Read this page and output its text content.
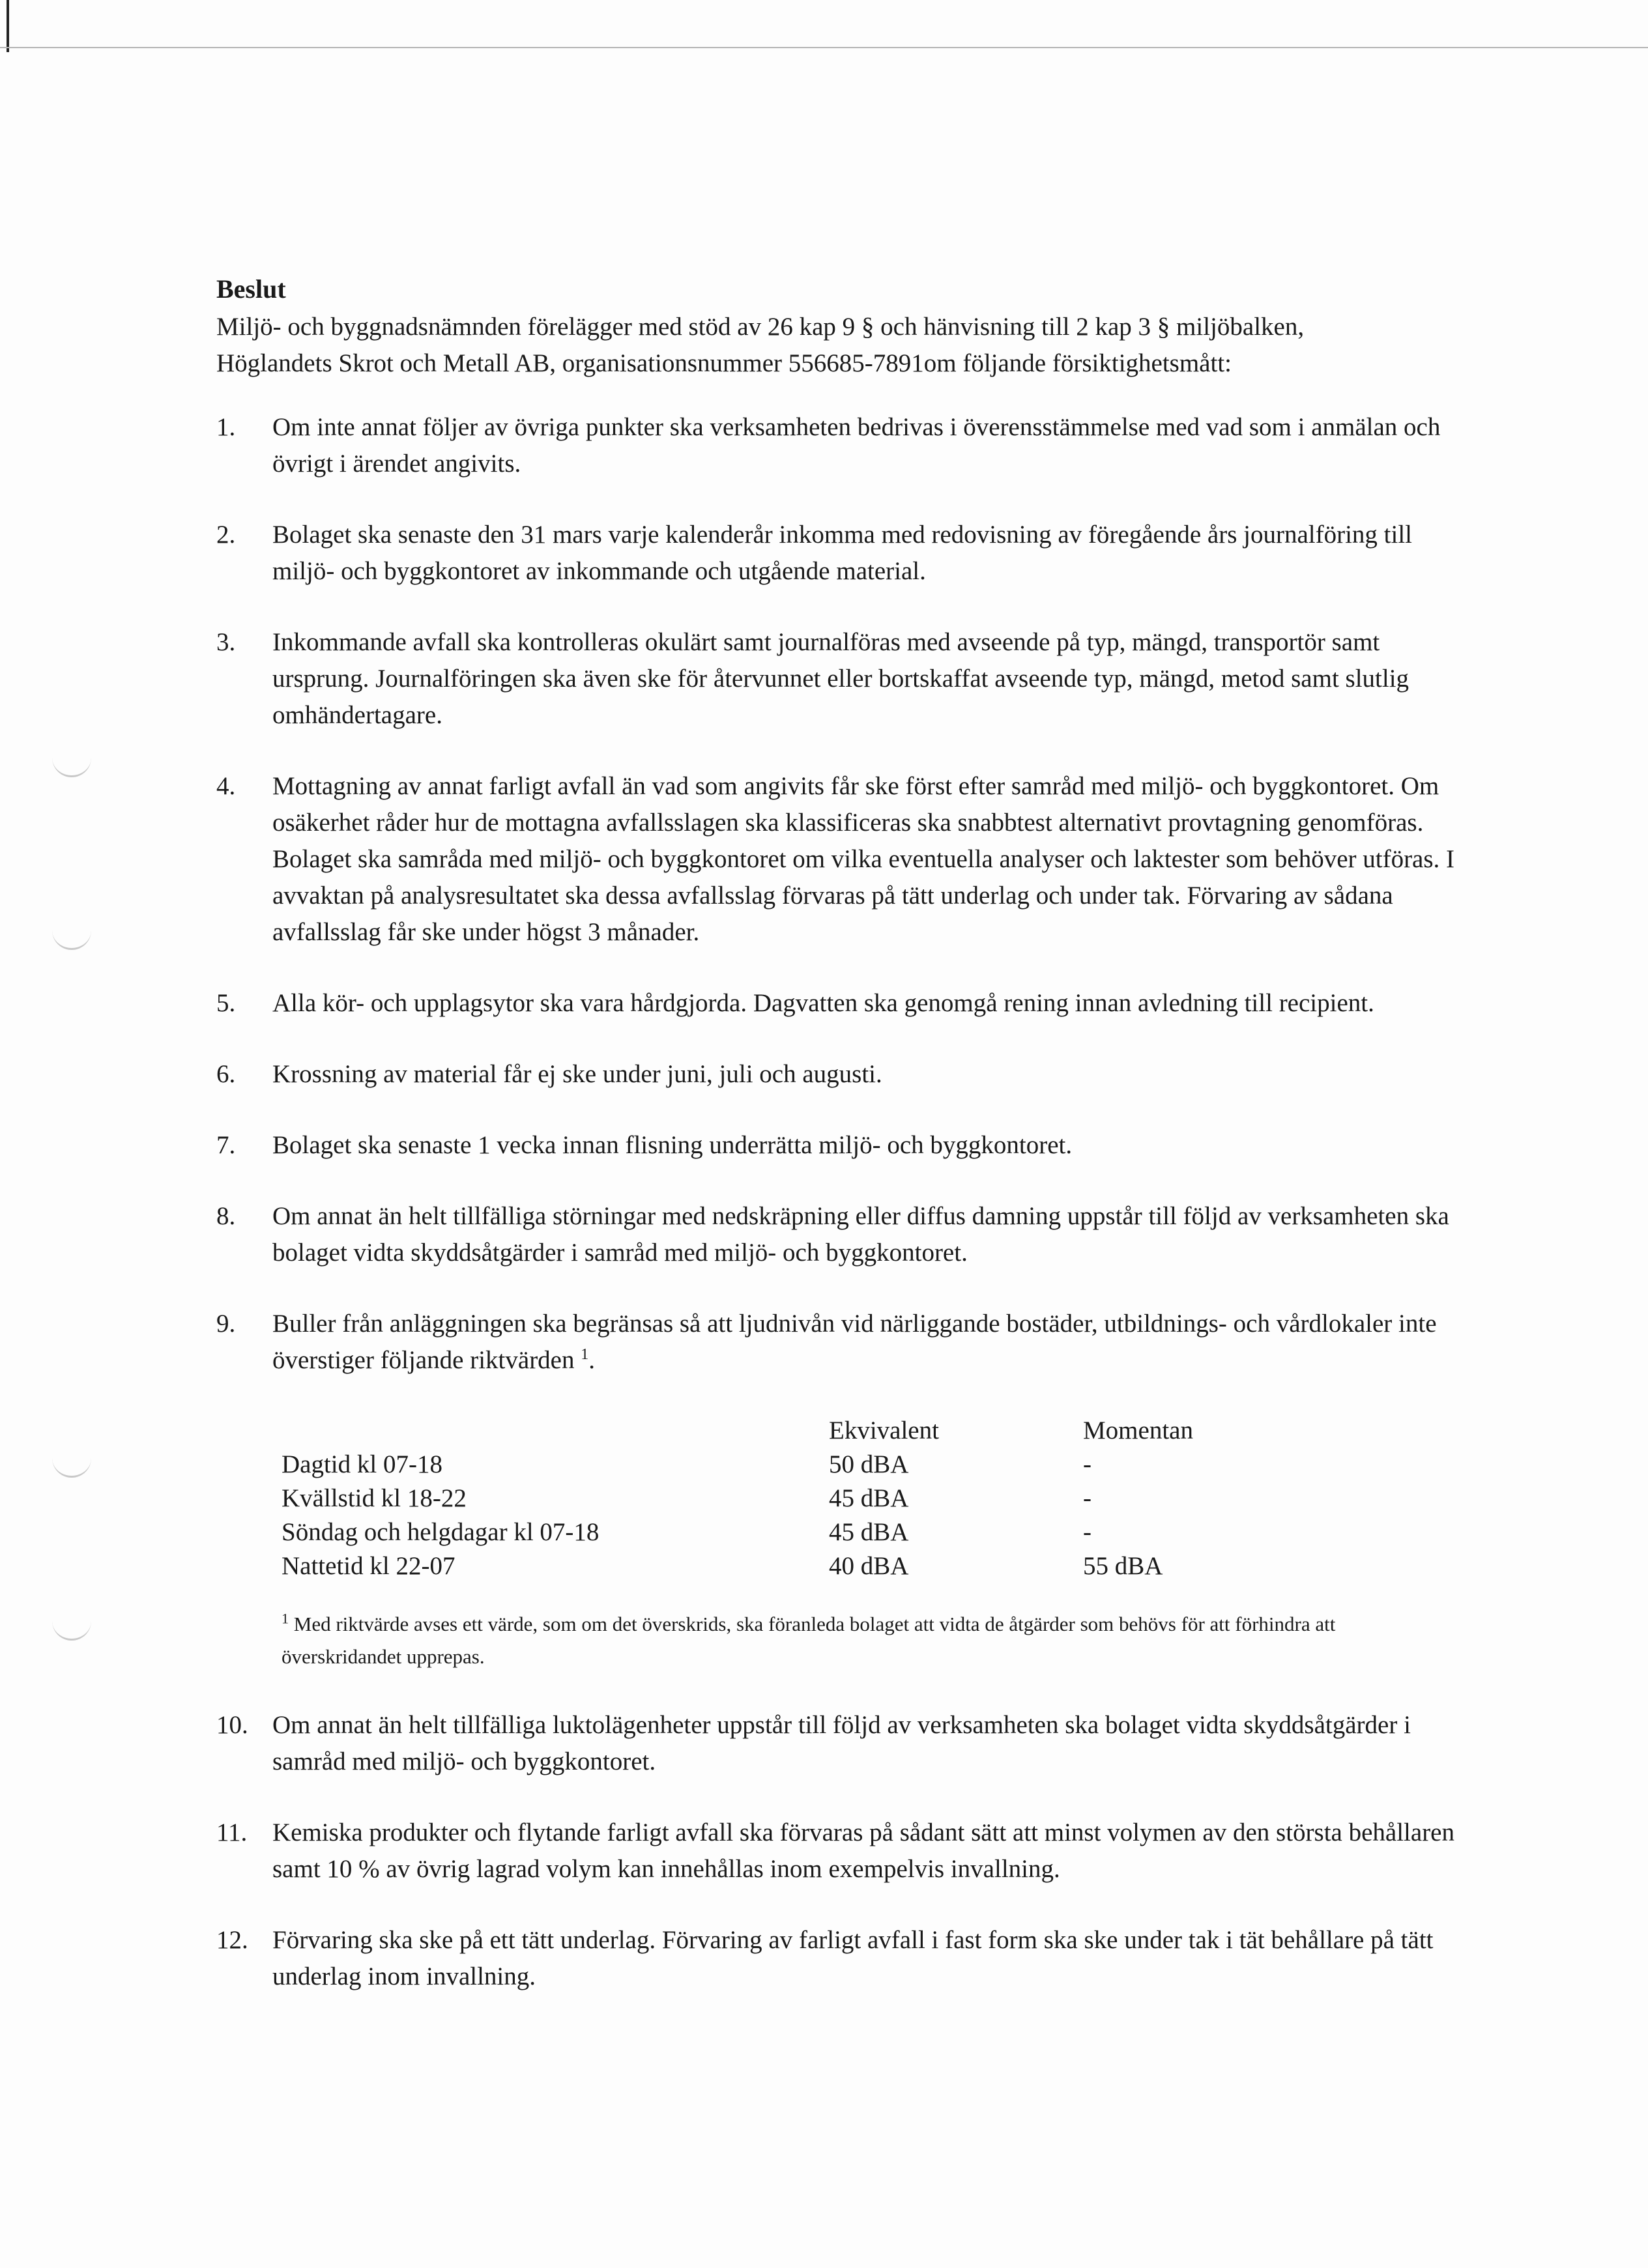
Beslut

Miljö- och byggnadsnämnden förelägger med stöd av 26 kap 9 § och hänvisning till 2 kap 3 § miljöbalken, Höglandets Skrot och Metall AB, organisationsnummer 556685-7891om följande försiktighetsmått:

1.	Om inte annat följer av övriga punkter ska verksamheten bedrivas i överensstämmelse med vad som i anmälan och övrigt i ärendet angivits.
2.	Bolaget ska senaste den 31 mars varje kalenderår inkomma med redovisning av föregående års journalföring till miljö- och byggkontoret av inkommande och utgående material.
3.	Inkommande avfall ska kontrolleras okulärt samt journalföras med avseende på typ, mängd, transportör samt ursprung. Journalföringen ska även ske för återvunnet eller bortskaffat avseende typ, mängd, metod samt slutlig omhändertagare.
4.	Mottagning av annat farligt avfall än vad som angivits får ske först efter samråd med miljö- och byggkontoret. Om osäkerhet råder hur de mottagna avfallsslagen ska klassificeras ska snabbtest alternativt provtagning genomföras. Bolaget ska samråda med miljö- och byggkontoret om vilka eventuella analyser och laktester som behöver utföras. I avvaktan på analysresultatet ska dessa avfallsslag förvaras på tätt underlag och under tak. Förvaring av sådana avfallsslag får ske under högst 3 månader.
5.	Alla kör- och upplagsytor ska vara hårdgjorda. Dagvatten ska genomgå rening innan avledning till recipient.
6.	Krossning av material får ej ske under juni, juli och augusti.
7.	Bolaget ska senaste 1 vecka innan flisning underrätta miljö- och byggkontoret.
8.	Om annat än helt tillfälliga störningar med nedskräpning eller diffus damning uppstår till följd av verksamheten ska bolaget vidta skyddsåtgärder i samråd med miljö- och byggkontoret.
9.	Buller från anläggningen ska begränsas så att ljudnivån vid närliggande bostäder, utbildnings- och vårdlokaler inte överstiger följande riktvärden $^1$.
	Ekvivalent	Momentan
Dagtid kl 07-18	50 dBA	-
Kvällstid kl 18-22	45 dBA	-
Söndag och helgdagar kl 07-18	45 dBA	-
Nattetid kl 22-07	40 dBA	55 dBA
$^1$ Med riktvärde avses ett värde, som om det överskrids, ska föranleda bolaget att vidta de åtgärder som behövs för att förhindra att överskridandet upprepas.
10. Om annat än helt tillfälliga luktolägenheter uppstår till följd av verksamheten ska bolaget vidta skyddsåtgärder i samråd med miljö- och byggkontoret.
11. Kemiska produkter och flytande farligt avfall ska förvaras på sådant sätt att minst volymen av den största behållaren samt 10 % av övrig lagrad volym kan innehållas inom exempelvis invallning.
12. Förvaring ska ske på ett tätt underlag. Förvaring av farligt avfall i fast form ska ske under tak i tät behållare på tätt underlag inom invallning.
